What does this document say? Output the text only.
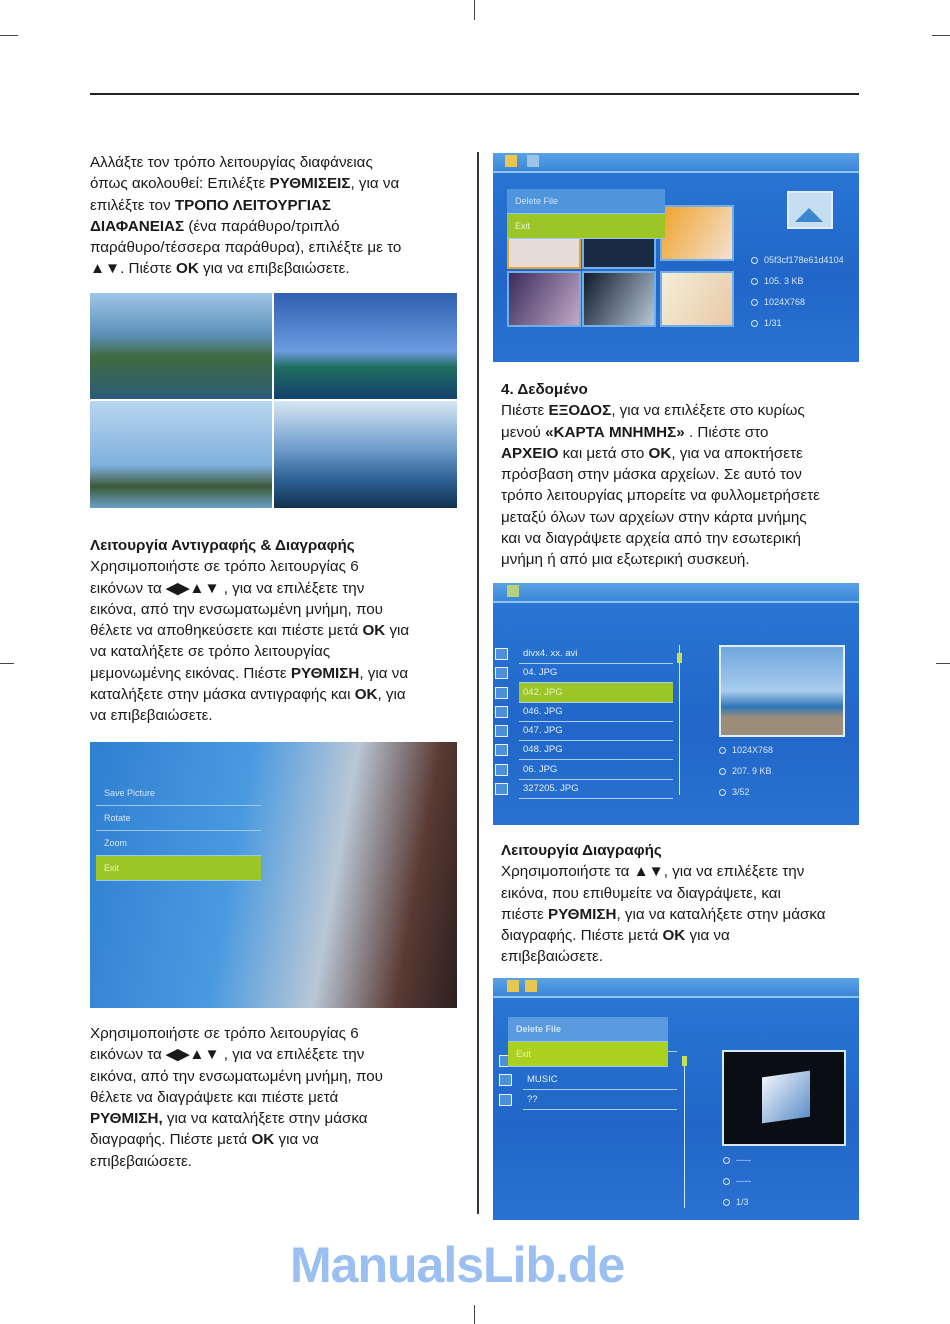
Αλλάξτε τον τρόπο λειτουργίας διαφάνειας
όπως ακολουθεί: Επιλέξτε ΡΥΘΜΙΣΕΙΣ, για να
επιλέξτε τον ΤΡΟΠΟ ΛΕΙΤΟΥΡΓΙΑΣ
ΔΙΑΦΑΝΕΙΑΣ (ένα παράθυρο/τριπλό
παράθυρο/τέσσερα παράθυρα), επιλέξτε με το
▲▼. Πιέστε OK για να επιβεβαιώσετε.
Λειτουργία Αντιγραφής & Διαγραφής
Χρησιμοποιήστε σε τρόπο λειτουργίας 6
εικόνων τα ◀▶▲▼ , για να επιλέξετε την
εικόνα, από την ενσωματωμένη μνήμη, που
θέλετε να αποθηκεύσετε και πιέστε μετά OK για
να καταλήξετε σε τρόπο λειτουργίας
μεμονωμένης εικόνας. Πιέστε ΡΥΘΜΙΣΗ, για να
καταλήξετε στην μάσκα αντιγραφής και OK, για
να επιβεβαιώσετε.
Save Picture
Rotate
Zoom
Exit
Χρησιμοποιήστε σε τρόπο λειτουργίας 6
εικόνων τα ◀▶▲▼ , για να επιλέξετε την
εικόνα, από την ενσωματωμένη μνήμη, που
θέλετε να διαγράψετε και πιέστε μετά
ΡΥΘΜΙΣΗ, για να καταλήξετε στην μάσκα
διαγραφής. Πιέστε μετά OK για να
επιβεβαιώσετε.
Delete File
Exit
05f3cf178e61d4104
105. 3 KB
1024X768
1/31
4. Δεδομένο
Πιέστε ΕΞΟΔΟΣ, για να επιλέξετε στο κυρίως
μενού «ΚΑΡΤΑ ΜΝΗΜΗΣ» . Πιέστε στο
ΑΡΧΕΙΟ και μετά στο OK, για να αποκτήσετε
πρόσβαση στην μάσκα αρχείων. Σε αυτό τον
τρόπο λειτουργίας μπορείτε να φυλλομετρήσετε
μεταξύ όλων των αρχείων στην κάρτα μνήμης
και να διαγράψετε αρχεία από την εσωτερική
μνήμη ή από μια εξωτερική συσκευή.
divx4. xx. avi
04. JPG
042. JPG
046. JPG
047. JPG
048. JPG
06. JPG
327205. JPG
1024X768
207. 9 KB
3/52
Λειτουργία Διαγραφής
Χρησιμοποιήστε τα ▲▼, για να επιλέξετε την
εικόνα, που επιθυμείτε να διαγράψετε, και
πιέστε ΡΥΘΜΙΣΗ, για να καταλήξετε στην μάσκα
διαγραφής. Πιέστε μετά OK για να
επιβεβαιώσετε.
MUSIC
??
Delete File
Exit
-----
-----
1/3
ManualsLib.de
